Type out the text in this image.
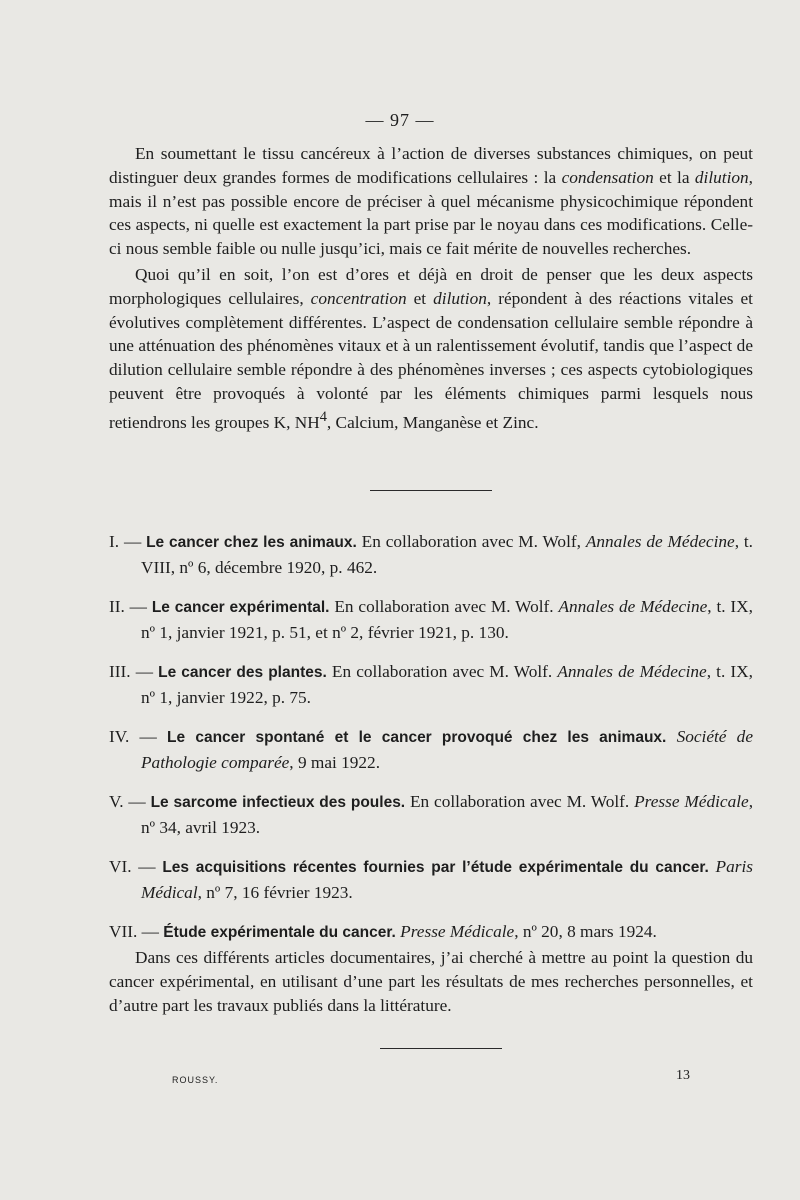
— 97 —

En soumettant le tissu cancéreux à l’action de diverses substances chimiques, on peut distinguer deux grandes formes de modifications cellulaires : la condensation et la dilution, mais il n’est pas possible encore de préciser à quel mécanisme physicochimique répondent ces aspects, ni quelle est exactement la part prise par le noyau dans ces modifications. Celle-ci nous semble faible ou nulle jusqu’ici, mais ce fait mérite de nouvelles recherches.

Quoi qu’il en soit, l’on est d’ores et déjà en droit de penser que les deux aspects morphologiques cellulaires, concentration et dilution, répondent à des réactions vitales et évolutives complètement différentes. L’aspect de condensation cellulaire semble répondre à une atténuation des phénomènes vitaux et à un ralentissement évolutif, tandis que l’aspect de dilution cellulaire semble répondre à des phénomènes inverses ; ces aspects cytobiologiques peuvent être provoqués à volonté par les éléments chimiques parmi lesquels nous retiendrons les groupes K, $NH^4$, Calcium, Manganèse et Zinc.

I. — Le cancer chez les animaux. En collaboration avec M. Wolf, Annales de Médecine, t. VIII, nº 6, décembre 1920, p. 462.

II. — Le cancer expérimental. En collaboration avec M. Wolf. Annales de Médecine, t. IX, nº 1, janvier 1921, p. 51, et nº 2, février 1921, p. 130.

III. — Le cancer des plantes. En collaboration avec M. Wolf. Annales de Médecine, t. IX, nº 1, janvier 1922, p. 75.

IV. — Le cancer spontané et le cancer provoqué chez les animaux. Société de Pathologie comparée, 9 mai 1922.

V. — Le sarcome infectieux des poules. En collaboration avec M. Wolf. Presse Médicale, nº 34, avril 1923.

VI. — Les acquisitions récentes fournies par l’étude expérimentale du cancer. Paris Médical, nº 7, 16 février 1923.

VII. — Étude expérimentale du cancer. Presse Médicale, nº 20, 8 mars 1924.

Dans ces différents articles documentaires, j’ai cherché à mettre au point la question du cancer expérimental, en utilisant d’une part les résultats de mes recherches personnelles, et d’autre part les travaux publiés dans la littérature.

ROUSSY.	13
